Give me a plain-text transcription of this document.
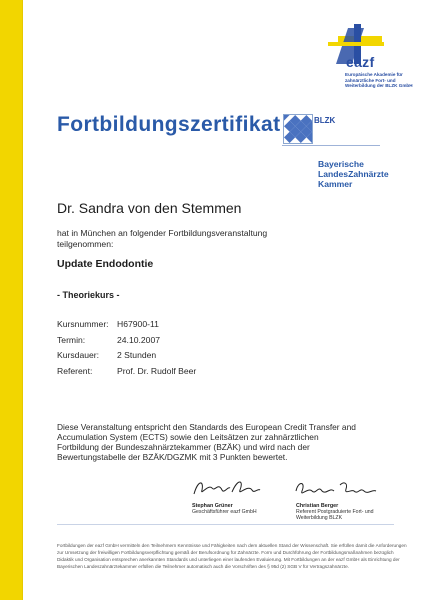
eazf
Europäische Akademie für zahnärztliche Fort- und Weiterbildung der BLZK GmbH
Fortbildungszertifikat	BLZK
Bayerische
LandesZahnärzte
Kammer
Dr. Sandra von den Stemmen
hat in München an folgender Fortbildungsveranstaltung teilgenommen:
Update Endodontie
- Theoriekurs -
Kursnummer: H67900-11
Termin:	24.10.2007
Kursdauer: 2 Stunden
Referent:	Prof. Dr. Rudolf Beer
Diese Veranstaltung entspricht den Standards des European Credit Transfer and Accumulation System (ECTS) sowie den Leitsätzen zur zahnärztlichen Fortbildung der Bundeszahnärztekammer (BZÄK) und wird nach der Bewertungstabelle der BZÄK/DGZMK mit 3 Punkten bewertet.
Stephan Grüner
Geschäftsführer eazf GmbH
Christian Berger
Referent Postgraduierte Fort- und Weiterbildung BLZK
Fortbildungen der eazf GmbH vermitteln den Teilnehmern Kenntnisse und Fähigkeiten nach dem aktuellen Stand der Wissenschaft. Sie erfüllen damit die Anforderungen zur Umsetzung der freiwilligen Fortbildungsverpflichtung gemäß der Berufsordnung für Zahnärzte. Form und Durchführung der Fortbildungsmaßnahmen bezüglich Didaktik und Organisation entsprechen anerkannten Standards und unterliegen einer laufenden Evaluierung. Mit Fortbildungen an der eazf GmbH als Einrichtung der Bayerischen Landeszahnärztekammer erfüllen die Teilnehmer automatisch auch die Vorschriften des § 95d (2) SGB V für Vertragszahnärzte.
